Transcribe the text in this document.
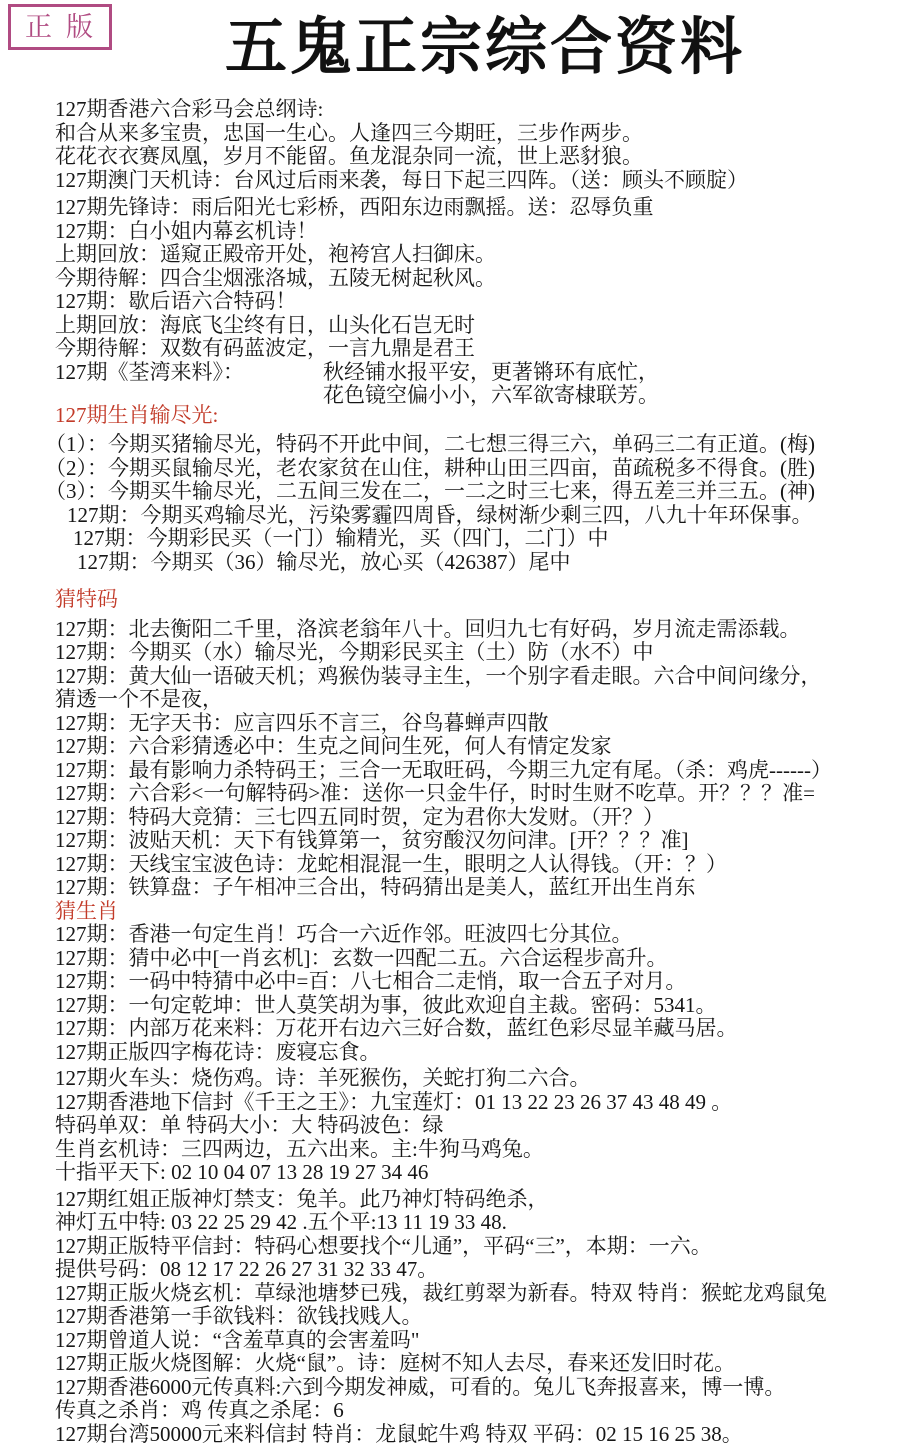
正版	五鬼正宗综合资料
127期香港六合彩马会总纲诗:
和合从来多宝贵，忠国一生心。人逢四三今期旺，三步作两步。
花花衣衣赛凤凰，岁月不能留。鱼龙混杂同一流，世上恶豺狼。
127期澳门天机诗：台风过后雨来袭，每日下起三四阵。（送：顾头不顾腚）
127期先锋诗：雨后阳光七彩桥，西阳东边雨飘摇。送：忍辱负重
127期：白小姐内幕玄机诗！
上期回放：遥窥正殿帝开处，袍袴宫人扫御床。
今期待解：四合尘烟涨洛城，五陵无树起秋风。
127期：歇后语六合特码！
上期回放：海底飞尘终有日，山头化石岂无时
今期待解：双数有码蓝波定，一言九鼎是君王
127期《荃湾来料》：	秋经铺水报平安，更著锵环有底忙，
花色镜空偏小小，六军欲寄棣联芳。
127期生肖输尽光:
（1）：今期买猪输尽光，特码不开此中间，二七想三得三六，单码三二有正道。(梅)
（2）：今期买鼠输尽光，老农家贫在山住，耕种山田三四亩，苗疏税多不得食。(胜)
（3）：今期买牛输尽光，二五间三发在二，一二之时三七来，得五差三并三五。(神)
127期：今期买鸡输尽光，污染雾霾四周昏，绿树渐少剩三四，八九十年环保事。
127期：今期彩民买（一门）输精光，买（四门，二门）中
127期：今期买（36）输尽光，放心买（426387）尾中
猜特码
127期：北去衡阳二千里，洛滨老翁年八十。回归九七有好码，岁月流走需添载。
127期：今期买（水）输尽光，今期彩民买主（土）防（水不）中
127期：黄大仙一语破天机；鸡猴伪装寻主生，一个别字看走眼。六合中间问缘分，
猜透一个不是夜，
127期：无字天书：应言四乐不言三，谷鸟暮蝉声四散
127期：六合彩猜透必中：生克之间问生死，何人有情定发家
127期：最有影响力杀特码王；三合一无取旺码，今期三九定有尾。（杀：鸡虎------）
127期：六合彩<一句解特码>准：送你一只金牛仔，时时生财不吃草。开？？？准=
127期：特码大竞猜：三七四五同时贺，定为君你大发财。（开？）
127期：波贴天机：天下有钱算第一，贫穷酸汉勿问津。[开？？？准]
127期：天线宝宝波色诗：龙蛇相混混一生，眼明之人认得钱。（开：？）
127期：铁算盘：子午相冲三合出，特码猜出是美人，蓝红开出生肖东
猜生肖
127期：香港一句定生肖！巧合一六近作邻。旺波四七分其位。
127期：猜中必中[一肖玄机]：玄数一四配二五。六合运程步高升。
127期：一码中特猜中必中=百：八七相合二走悄，取一合五子对月。
127期：一句定乾坤：世人莫笑胡为事，彼此欢迎自主裁。密码：5341。
127期：内部万花来料：万花开右边六三好合数，蓝红色彩尽显羊藏马居。
127期正版四字梅花诗：废寝忘食。
127期火车头：烧伤鸡。诗：羊死猴伤，关蛇打狗二六合。
127期香港地下信封《千王之王》：九宝莲灯：01 13 22 23 26 37 43 48 49 。
特码单双：单 特码大小：大 特码波色：绿
生肖玄机诗：三四两边，五六出来。主:牛狗马鸡兔。
十指平天下: 02 10 04 07 13 28 19 27 34 46
127期红姐正版神灯禁支：兔羊。此乃神灯特码绝杀，
神灯五中特: 03 22 25 29 42 .五个平:13 11 19 33 48.
127期正版特平信封：特码心想要找个“儿通”，平码“三”，本期：一六。
提供号码：08 12 17 22 26 27 31 32 33 47。
127期正版火烧玄机：草绿池塘梦已残，裁红剪翠为新春。特双 特肖：猴蛇龙鸡鼠兔
127期香港第一手欲钱料：欲钱找贱人。
127期曾道人说：“含羞草真的会害羞吗"
127期正版火烧图解：火烧“鼠”。诗：庭树不知人去尽，春来还发旧时花。
127期香港6000元传真料:六到今期发神威，可看的。兔儿飞奔报喜来，博一博。
传真之杀肖：鸡 传真之杀尾：6
127期台湾50000元来料信封 特肖：龙鼠蛇牛鸡 特双 平码：02 15 16 25 38。
